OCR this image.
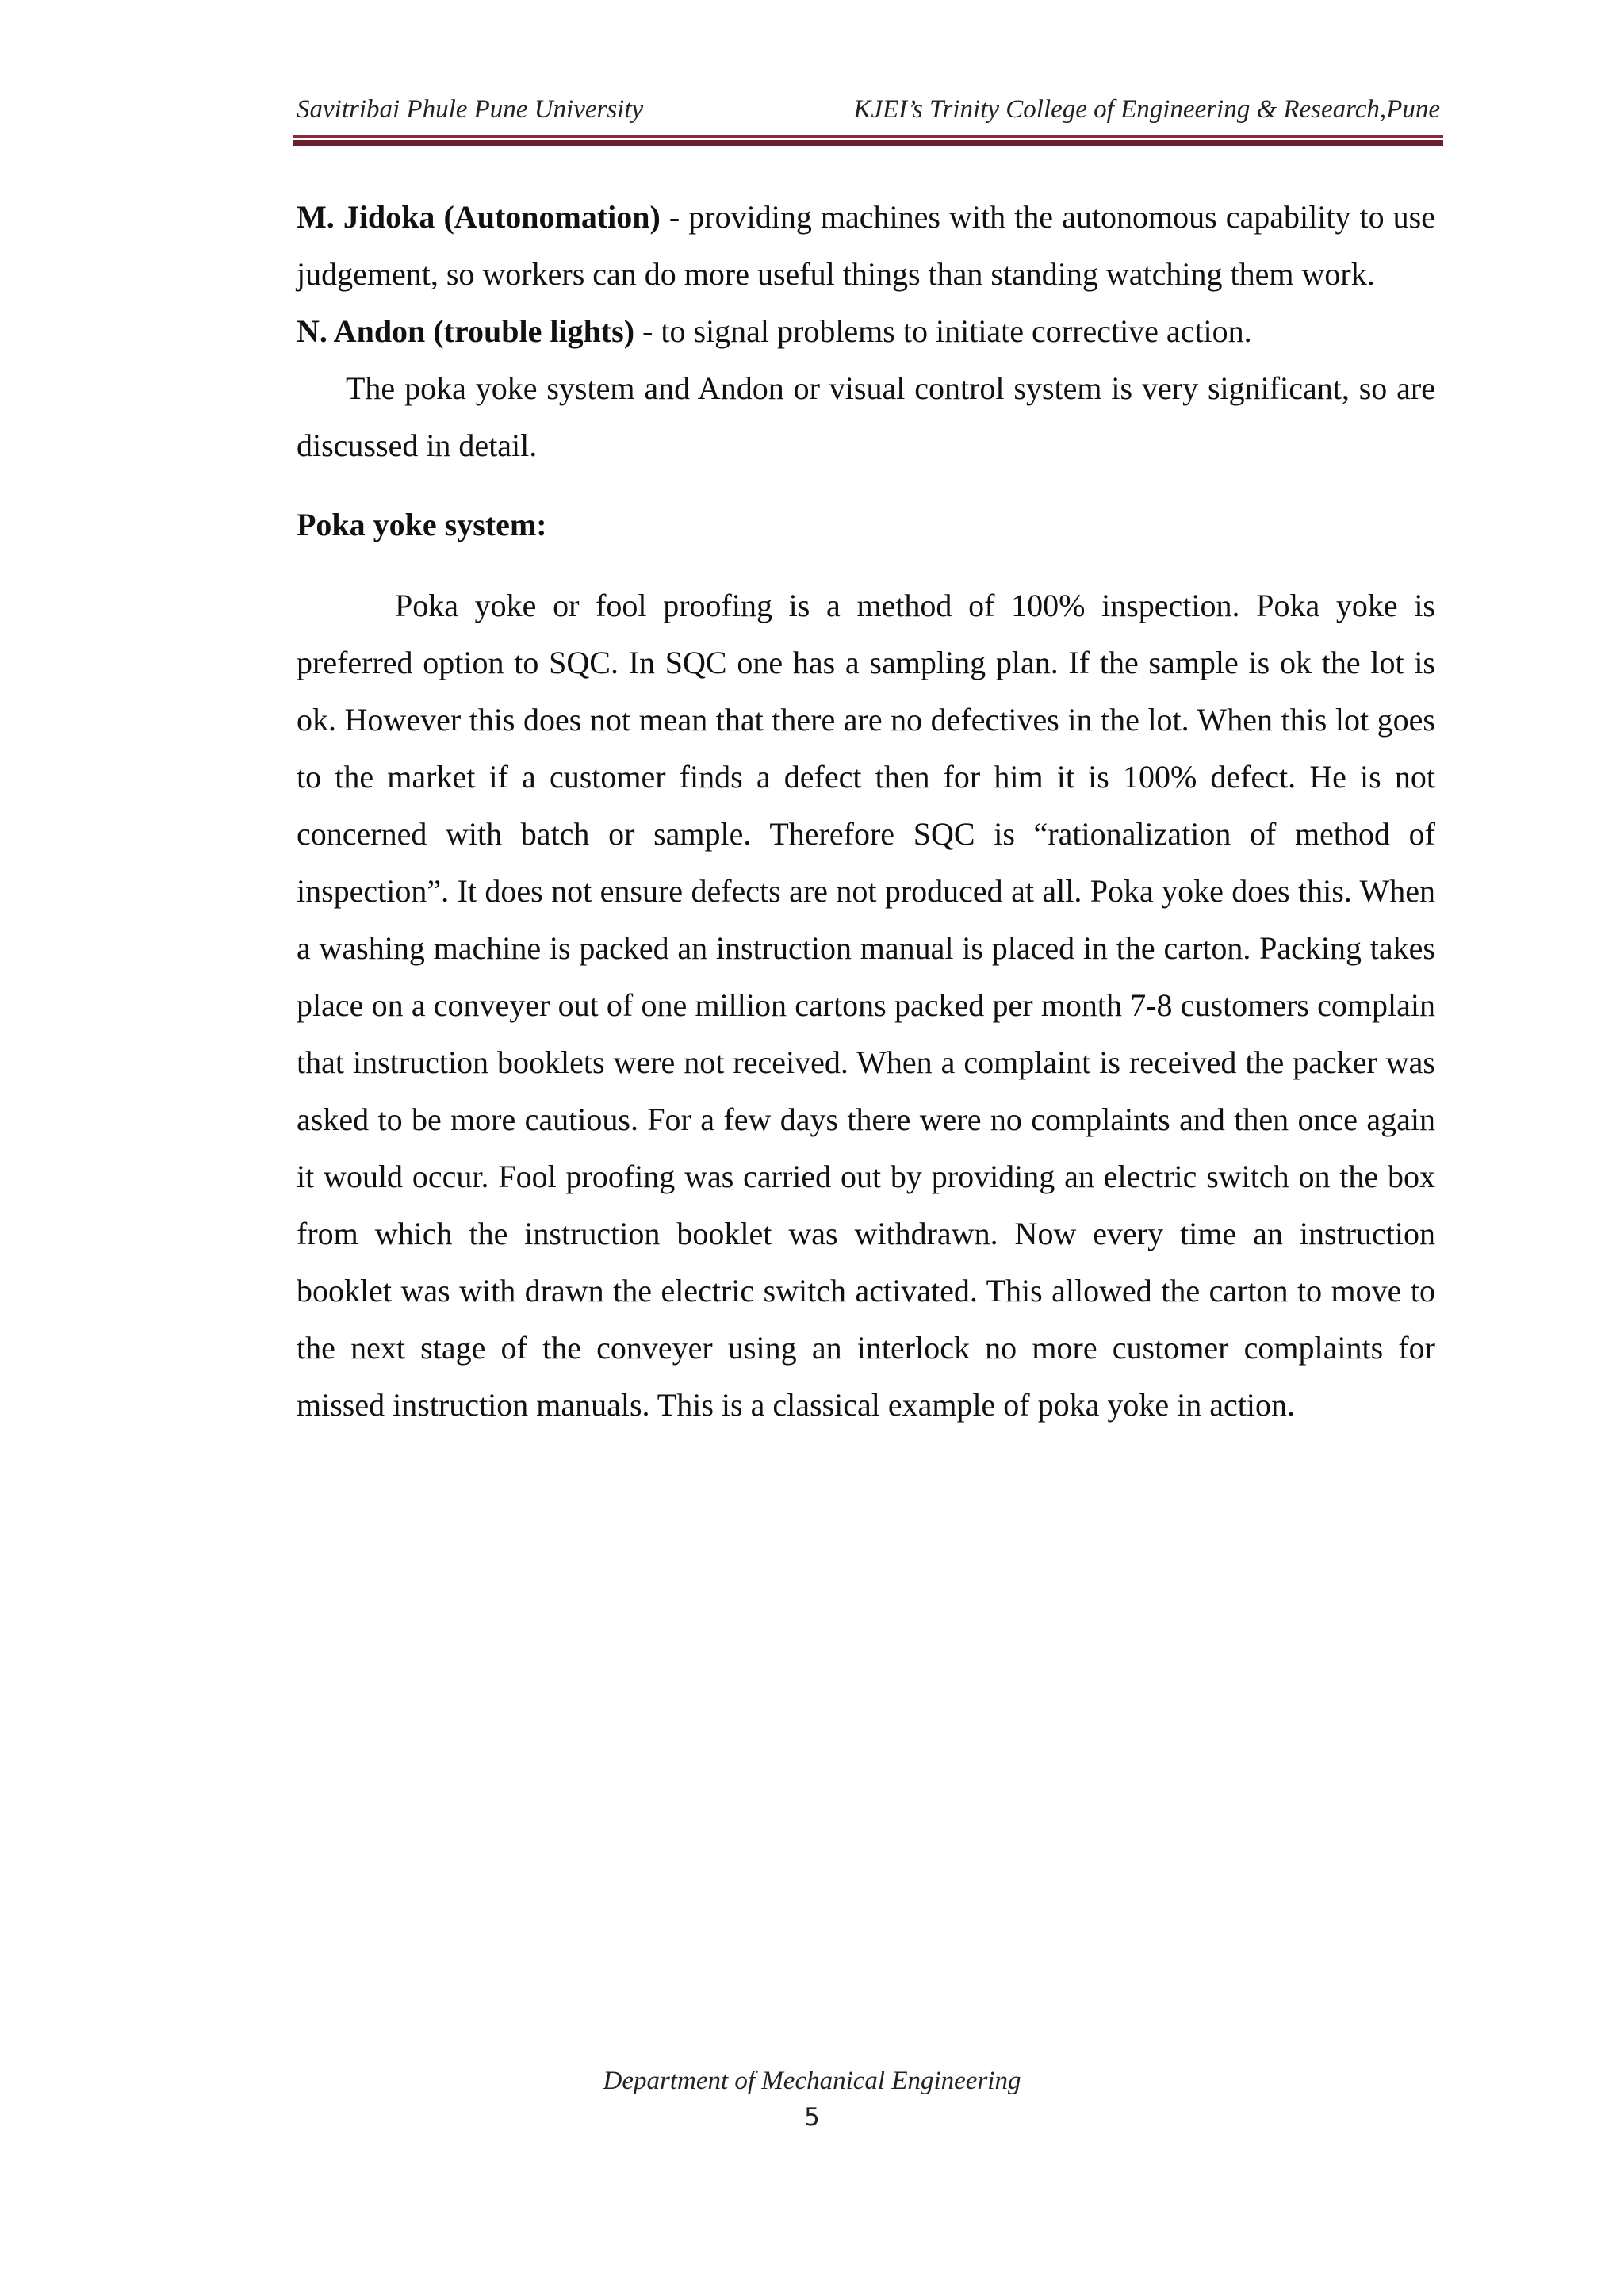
Savitribai Phule Pune University	KJEI’s Trinity College of Engineering & Research,Pune

M. Jidoka (Autonomation) - providing machines with the autonomous capability to use judgement, so workers can do more useful things than standing watching them work.

N. Andon (trouble lights) - to signal problems to initiate corrective action.

The poka yoke system and Andon or visual control system is very significant, so are discussed in detail.

Poka yoke system:

Poka yoke or fool proofing is a method of 100% inspection. Poka yoke is preferred option to SQC. In SQC one has a sampling plan. If the sample is ok the lot is ok. However this does not mean that there are no defectives in the lot. When this lot goes to the market if a customer finds a defect then for him it is 100% defect. He is not concerned with batch or sample. Therefore SQC is “rationalization of method of inspection”. It does not ensure defects are not produced at all. Poka yoke does this. When a washing machine is packed an instruction manual is placed in the carton. Packing takes place on a conveyer out of one million cartons packed per month 7-8 customers complain that instruction booklets were not received. When a complaint is received the packer was asked to be more cautious. For a few days there were no complaints and then once again it would occur. Fool proofing was carried out by providing an electric switch on the box from which the instruction booklet was withdrawn. Now every time an instruction booklet was with drawn the electric switch activated. This allowed the carton to move to the next stage of the conveyer using an interlock no more customer complaints for missed instruction manuals. This is a classical example of poka yoke in action.

Department of Mechanical Engineering
5
